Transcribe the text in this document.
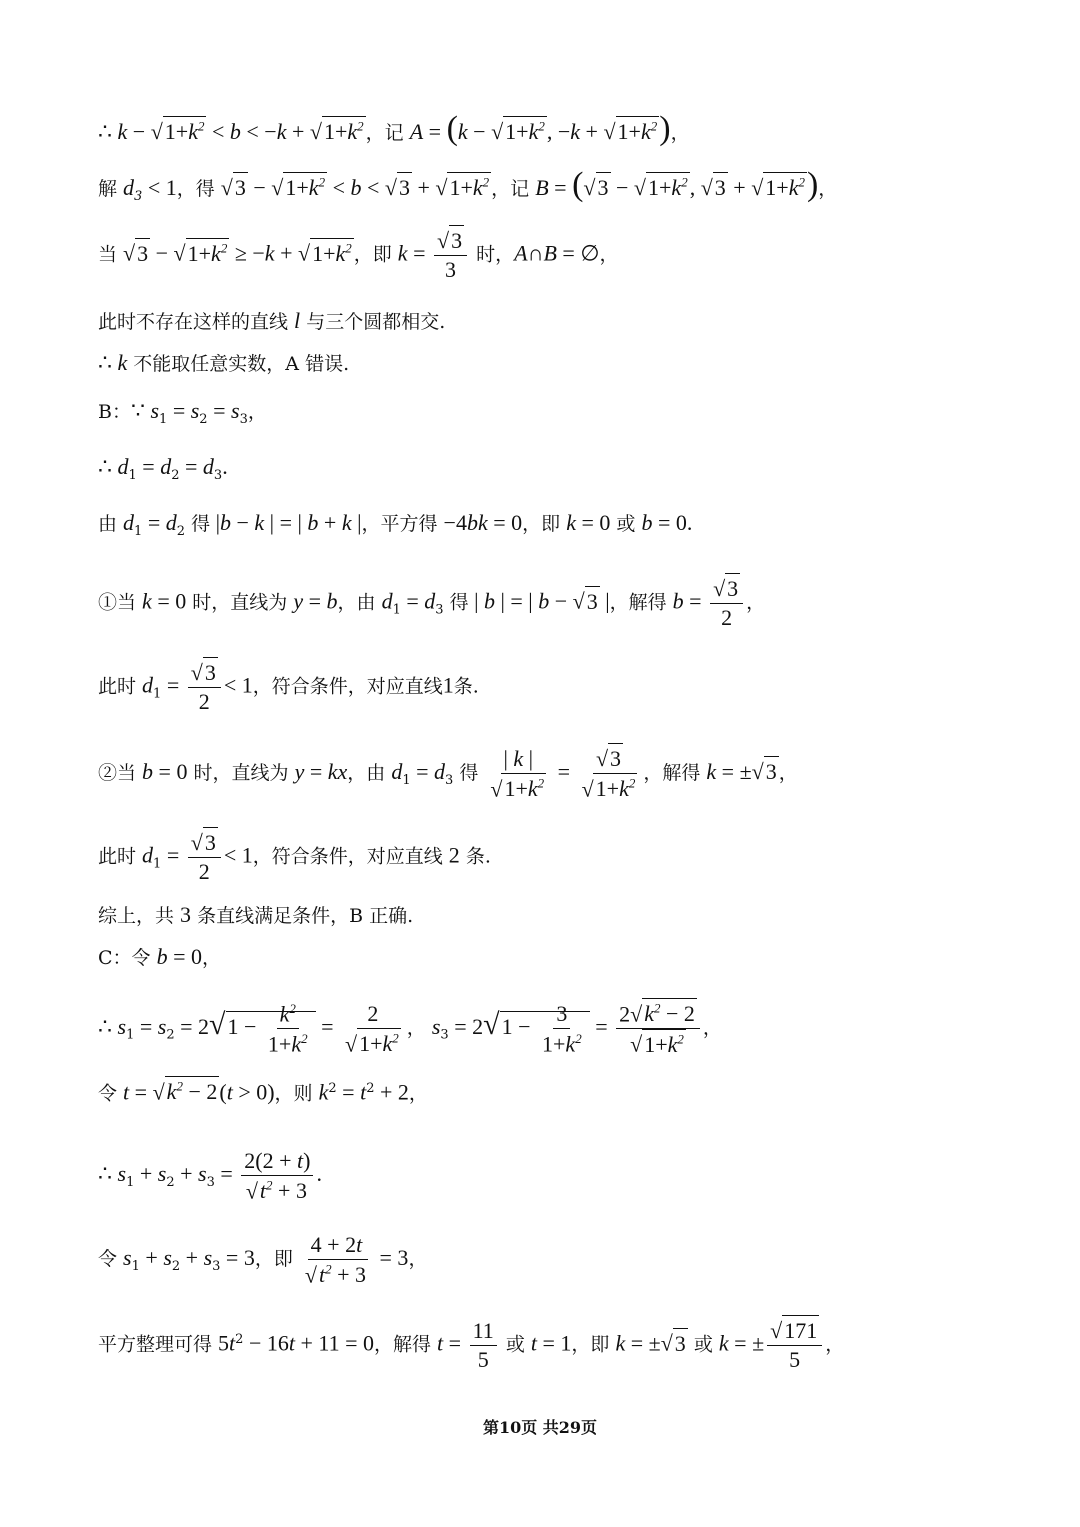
∴ $k - √1+k^2 < b < -k + √1+k^2$ ，记 $A = (k - √1+k^2$, $-k + √1+k^2$)，
解 $d_3 < 1$，得 $√3 - √1+k^2 < b < √3 + √1+k^2$ ，记 $B = (√3 - √1+k^2$, $√3 + √1+k^2$)，
当 $√3 - √1+k^2 \ge -k + √1+k^2$ ，即 $k = \frac{√3}{3}$ 时，A∩B = ∅，
此时不存在这样的直线 l 与三个圆都相交.
∴ k 不能取任意实数，A 错误.
B：∵ $s_1 = s_2 = s_3$，
∴ $d_1 = d_2 = d_3$.
由 $d_1 = d_2$ 得 |b − k | = | b + k |，平方得 −4bk = 0，即 k = 0 或 b = 0.
①当 k = 0 时，直线为 y = b，由 $d_1 = d_3$ 得 | b | = | b − √3 |，解得 $b = \frac{√3}{2}$ ，
此时 $d_1 = \frac{√3}{2} < 1$，符合条件，对应直线1条.
②当 b = 0 时，直线为 y = kx，由 $d_1 = d_3$ 得 $\frac{| k |}{√1+k^2} = \frac{√3}{√1+k^2}$ ，解得 k = ±√3 ，
此时 $d_1 = \frac{√3}{2} < 1$，符合条件，对应直线 2 条.
综上，共 3 条直线满足条件，B 正确.
C：令 b = 0，
∴ $s_1 = s_2 = 2√1 - \frac{k^2}{1+k^2} = \frac{2}{√1+k^2}$ ， $s_3 = 2√1 - \frac{3}{1+k^2} = \frac{2√k^2 - 2}{√1+k^2}$ ，
令 $t = √k^2 - 2(t > 0)$，则 $k^2 = t^2 + 2$，
∴ $s_1 + s_2 + s_3 = \frac{2(2 + t)}{√t^2 + 3}$ .
令 $s_1 + s_2 + s_3 = 3$，即 $\frac{4 + 2t}{√t^2 + 3} = 3$，
平方整理可得 $5t^2 - 16t + 11 = 0$，解得 $t = \frac{11}{5}$ 或 t = 1，即 k = ±√3 或 k = ± $\frac{√171}{5}$ ，
第10页 共29页
